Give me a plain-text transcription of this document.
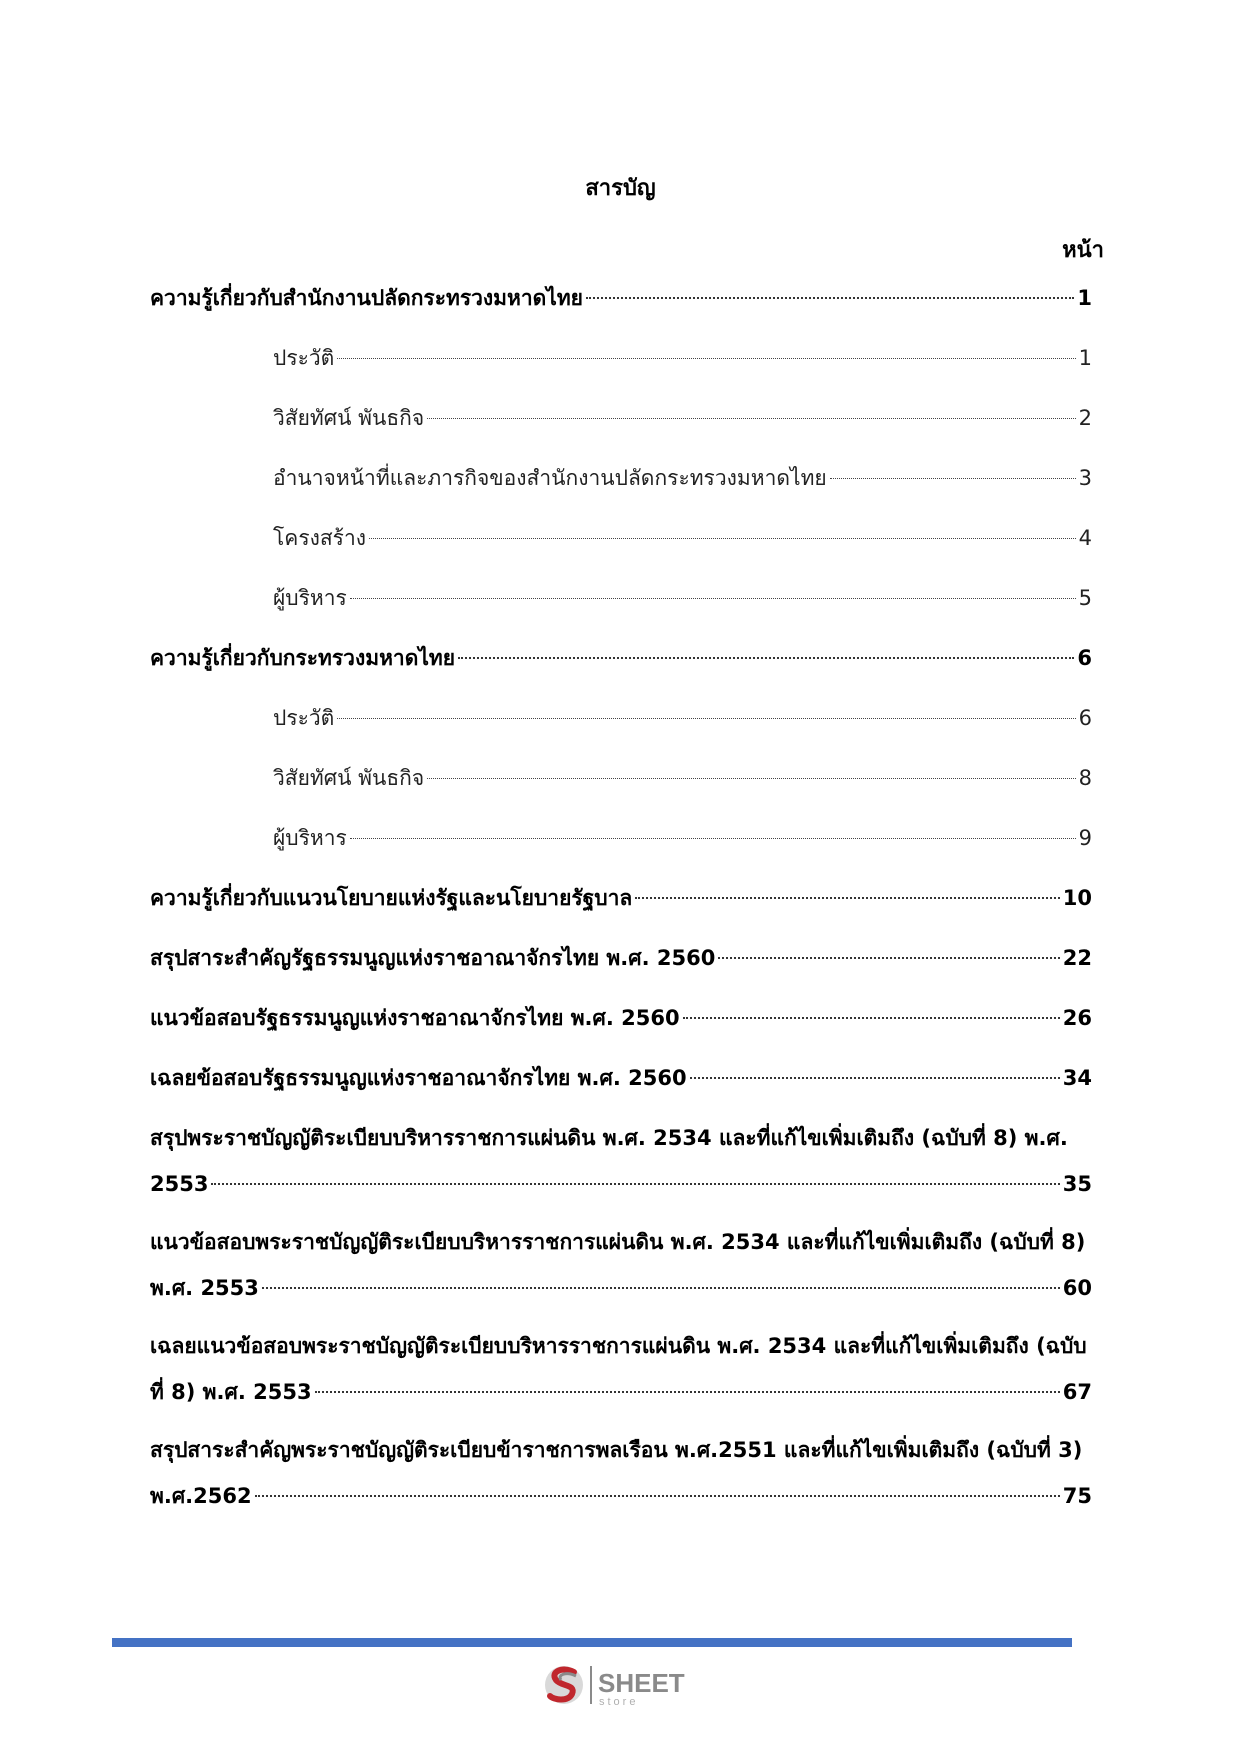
สารบัญ
หน้า
ความรู้เกี่ยวกับสำนักงานปลัดกระทรวงมหาดไทย	1
ประวัติ	1
วิสัยทัศน์ พันธกิจ	2
อำนาจหน้าที่และภารกิจของสำนักงานปลัดกระทรวงมหาดไทย	3
โครงสร้าง	4
ผู้บริหาร	5
ความรู้เกี่ยวกับกระทรวงมหาดไทย	6
ประวัติ	6
วิสัยทัศน์ พันธกิจ	8
ผู้บริหาร	9
ความรู้เกี่ยวกับแนวนโยบายแห่งรัฐและนโยบายรัฐบาล	10
สรุปสาระสำคัญรัฐธรรมนูญแห่งราชอาณาจักรไทย พ.ศ. 2560	22
แนวข้อสอบรัฐธรรมนูญแห่งราชอาณาจักรไทย พ.ศ. 2560	26
เฉลยข้อสอบรัฐธรรมนูญแห่งราชอาณาจักรไทย พ.ศ. 2560	34
สรุปพระราชบัญญัติระเบียบบริหารราชการแผ่นดิน พ.ศ. 2534 และที่แก้ไขเพิ่มเติมถึง (ฉบับที่ 8) พ.ศ.
2553	35
แนวข้อสอบพระราชบัญญัติระเบียบบริหารราชการแผ่นดิน พ.ศ. 2534 และที่แก้ไขเพิ่มเติมถึง (ฉบับที่ 8)
พ.ศ. 2553	60
เฉลยแนวข้อสอบพระราชบัญญัติระเบียบบริหารราชการแผ่นดิน พ.ศ. 2534 และที่แก้ไขเพิ่มเติมถึง (ฉบับ
ที่ 8) พ.ศ. 2553	67
สรุปสาระสำคัญพระราชบัญญัติระเบียบข้าราชการพลเรือน พ.ศ.2551 และที่แก้ไขเพิ่มเติมถึง (ฉบับที่ 3)
พ.ศ.2562	75
SHEET
store
